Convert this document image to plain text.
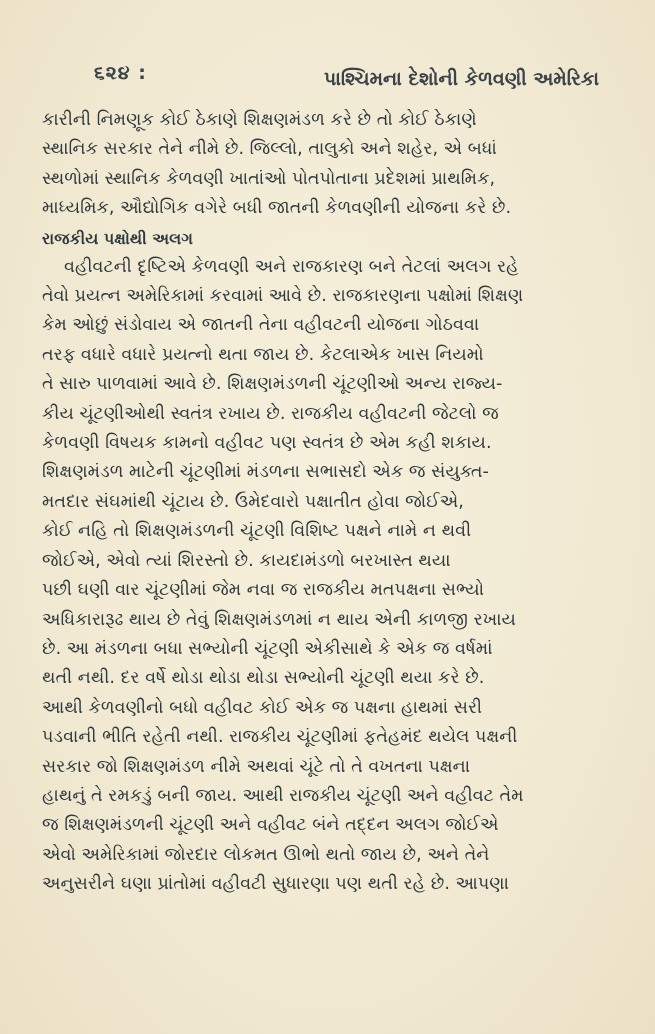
૬૨૪ :	પાશ્ચિમના દેશોની કેળવણી અમેરિકા
કારીની નિમણૂક કોઈ ઠેકાણે શિક્ષણમંડળ કરે છે તો કોઈ ઠેકાણે
સ્થાનિક સરકાર તેને નીમે છે. જિલ્લો, તાલુકો અને શહેર, એ બધાં
સ્થળોમાં સ્થાનિક કેળવણી ખાતાંઓ પોતપોતાના પ્રદેશમાં પ્રાથમિક,
માધ્યમિક, ઔદ્યોગિક વગેરે બધી જાતની કેળવણીની યોજના કરે છે.
રાજકીય પક્ષોથી અલગ
વહીવટની દૃષ્ટિએ કેળવણી અને રાજકારણ બને તેટલાં અલગ રહે
તેવો પ્રયત્ન અમેરિકામાં કરવામાં આવે છે. રાજકારણના પક્ષોમાં શિક્ષણ
કેમ ઓછું સંડોવાય એ જાતની તેના વહીવટની યોજના ગોઠવવા
તરફ વધારે વધારે પ્રયત્નો થતા જાય છે. કેટલાએક ખાસ નિયમો
તે સારુ પાળવામાં આવે છે. શિક્ષણમંડળની ચૂંટણીઓ અન્ય રાજ્ય-
કીય ચૂંટણીઓથી સ્વતંત્ર રખાય છે. રાજકીય વહીવટની જેટલો જ
કેળવણી વિષયક કામનો વહીવટ પણ સ્વતંત્ર છે એમ કહી શકાય.
શિક્ષણમંડળ માટેની ચૂંટણીમાં મંડળના સભાસદો એક જ સંયુક્ત-
મતદાર સંઘમાંથી ચૂંટાય છે. ઉમેદવારો પક્ષાતીત હોવા જોઈએ,
કોઈ નહિ તો શિક્ષણમંડળની ચૂંટણી વિશિષ્ટ પક્ષને નામે ન થવી
જોઈએ, એવો ત્યાં શિરસ્તો છે. કાયદામંડળો બરખાસ્ત થયા
પછી ઘણી વાર ચૂંટણીમાં જેમ નવા જ રાજકીય મતપક્ષના સભ્યો
અધિકારારૂઢ થાય છે તેવું શિક્ષણમંડળમાં ન થાય એની કાળજી રખાય
છે. આ મંડળના બધા સભ્યોની ચૂંટણી એકીસાથે કે એક જ વર્ષમાં
થતી નથી. દર વર્ષે થોડા થોડા થોડા સભ્યોની ચૂંટણી થયા કરે છે.
આથી કેળવણીનો બધો વહીવટ કોઈ એક જ પક્ષના હાથમાં સરી
પડવાની ભીતિ રહેતી નથી. રાજકીય ચૂંટણીમાં ફતેહમંદ થયેલ પક્ષની
સરકાર જો શિક્ષણમંડળ નીમે અથવાં ચૂંટે તો તે વખતના પક્ષના
હાથનું તે રમકડું બની જાય. આથી રાજકીય ચૂંટણી અને વહીવટ તેમ
જ શિક્ષણમંડળની ચૂંટણી અને વહીવટ બંને તદ્દન અલગ જોઈએ
એવો અમેરિકામાં જોરદાર લોકમત ઊભો થતો જાય છે, અને તેને
અનુસરીને ઘણા પ્રાંતોમાં વહીવટી સુધારણા પણ થતી રહે છે. આપણા
